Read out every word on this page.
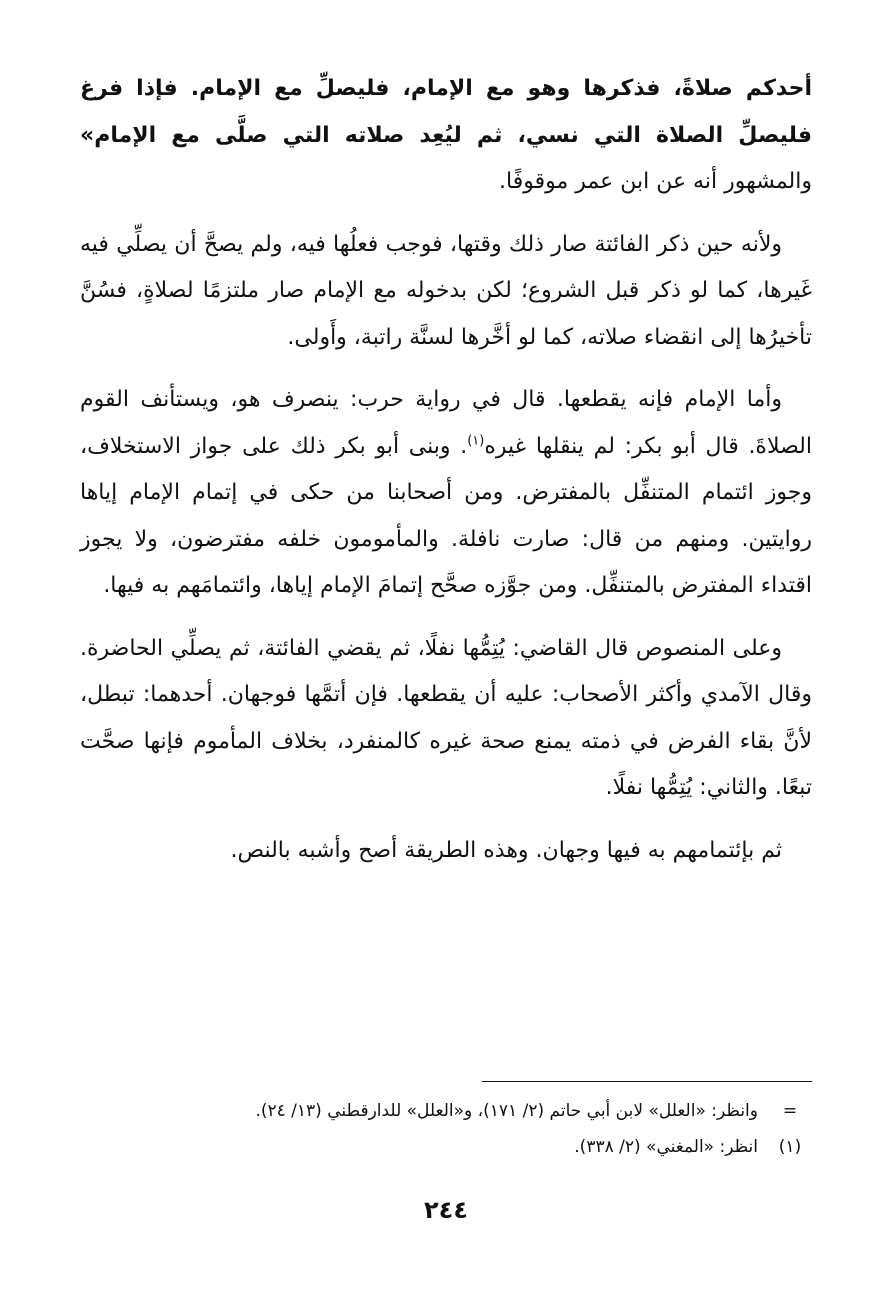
أحدكم صلاةً، فذكرها وهو مع الإمام، فليصلِّ مع الإمام. فإذا فرغ فليصلِّ الصلاة التي نسي، ثم ليُعِد صلاته التي صلَّى مع الإمام» والمشهور أنه عن ابن عمر موقوفًا.

ولأنه حين ذكر الفائتة صار ذلك وقتها، فوجب فعلُها فيه، ولم يصحَّ أن يصلِّي فيه غَيرها، كما لو ذكر قبل الشروع؛ لكن بدخوله مع الإمام صار ملتزمًا لصلاةٍ، فسُنَّ تأخيرُها إلى انقضاء صلاته، كما لو أخَّرها لسنَّة راتبة، وأَولى.

وأما الإمام فإنه يقطعها. قال في رواية حرب: ينصرف هو، ويستأنف القوم الصلاةَ. قال أبو بكر: لم ينقلها غيره$^{(١)}$. وبنى أبو بكر ذلك على جواز الاستخلاف، وجوز ائتمام المتنفِّل بالمفترض. ومن أصحابنا من حكى في إتمام الإمام إياها روايتين. ومنهم من قال: صارت نافلة. والمأمومون خلفه مفترضون، ولا يجوز اقتداء المفترض بالمتنفِّل. ومن جوَّزه صحَّح إتمامَ الإمام إياها، وائتمامَهم به فيها.

وعلى المنصوص قال القاضي: يُتِمُّها نفلًا، ثم يقضي الفائتة، ثم يصلِّي الحاضرة. وقال الآمدي وأكثر الأصحاب: عليه أن يقطعها. فإن أتمَّها فوجهان. أحدهما: تبطل، لأنَّ بقاء الفرض في ذمته يمنع صحة غيره كالمنفرد، بخلاف المأموم فإنها صحَّت تبعًا. والثاني: يُتِمُّها نفلًا.

ثم بإئتمامهم به فيها وجهان. وهذه الطريقة أصح وأشبه بالنص.

=
وانظر: «العلل» لابن أبي حاتم (٢/ ١٧١)، و«العلل» للدارقطني (١٣/ ٢٤).
(١)
انظر: «المغني» (٢/ ٣٣٨).
٢٤٤
